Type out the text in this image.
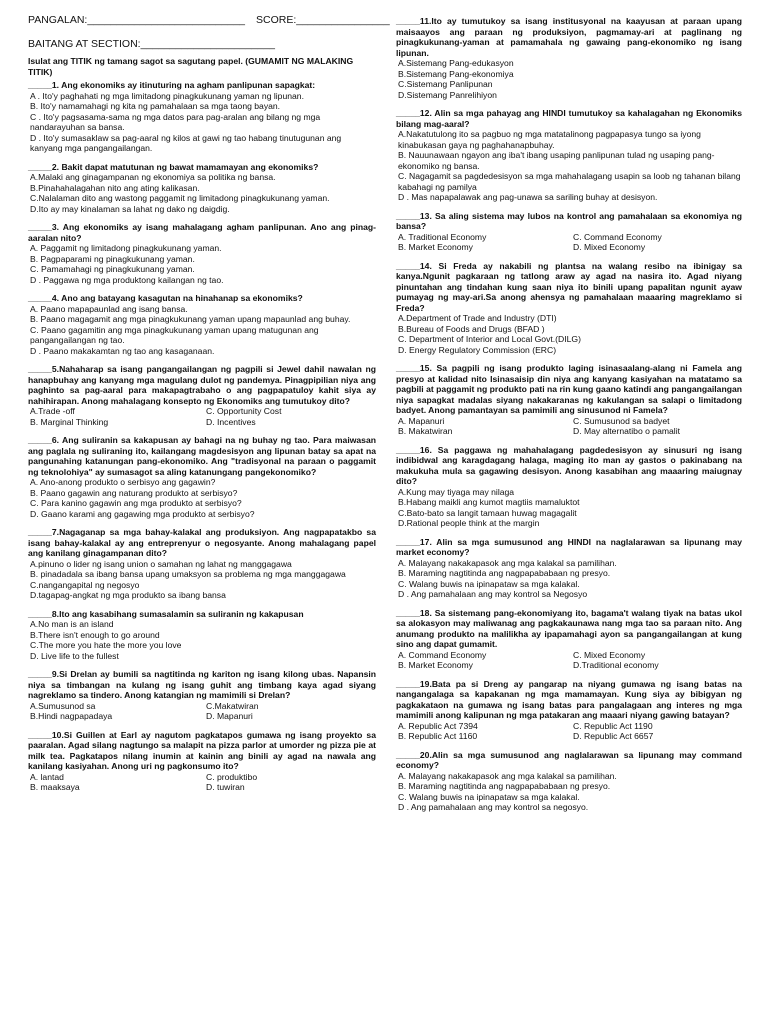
PANGALAN:___________________________ SCORE:________________
BAITANG AT SECTION:_______________________
Isulat ang TITIK ng tamang sagot sa sagutang papel. (GUMAMIT NG MALAKING TITIK)
_____1. Ang ekonomiks ay itinuturing na agham panlipunan sapagkat:
A . Ito'y paghahati ng mga limitadong pinagkukunang yaman ng lipunan.
B. Ito'y namamahagi ng kita ng pamahalaan sa mga taong bayan.
C . Ito'y pagsasama-sama ng mga datos para pag-aralan ang bilang ng mga nandarayuhan sa bansa.
D . Ito'y sumasaklaw sa pag-aaral ng kilos at gawi ng tao habang tinutugunan ang kanyang mga pangangailangan.
_____2. Bakit dapat matutunan ng bawat mamamayan ang ekonomiks?
A.Malaki ang ginagampanan ng ekonomiya sa politika ng bansa.
B.Pinahahalagahan nito ang ating kalikasan.
C.Nalalaman dito ang wastong paggamit ng limitadong pinagkukunang yaman.
D.Ito ay may kinalaman sa lahat ng dako ng daigdig.
_____3. Ang ekonomiks ay isang mahalagang agham panlipunan. Ano ang pinag-aaralan nito?
A. Paggamit ng limitadong pinagkukunang yaman.
B. Pagpaparami ng pinagkukunang yaman.
C. Pamamahagi ng pinagkukunang yaman.
D . Paggawa ng mga produktong kailangan ng tao.
_____4. Ano ang batayang kasagutan na hinahanap sa ekonomiks?
A. Paano mapapaunlad ang isang bansa.
B. Paano magagamit ang mga pinagkukunang yaman upang mapaunlad ang buhay.
C. Paano gagamitin ang mga pinagkukunang yaman upang matugunan ang pangangailangan ng tao.
D . Paano makakamtan ng tao ang kasaganaan.
_____5.Nahaharap sa isang pangangailangan ng pagpili si Jewel dahil nawalan ng hanapbuhay ang kanyang mga magulang dulot ng pandemya. Pinagpipilian niya ang paghinto sa pag-aaral para makapagtrabaho o ang pagpapatuloy kahit siya ay nahihirapan. Anong mahalagang konsepto ng Ekonomiks ang tumutukoy dito?
A.Trade -off	C. Opportunity Cost
B. Marginal Thinking	D. Incentives
_____6. Ang suliranin sa kakapusan ay bahagi na ng buhay ng tao. Para maiwasan ang paglala ng suliraning ito, kailangang magdesisyon ang lipunan batay sa apat na pangunahing katanungan pang-ekonomiko. Ang "tradisyonal na paraan o paggamit ng teknolohiya" ay sumasagot sa aling katanungang pangekonomiko?
A. Ano-anong produkto o serbisyo ang gagawin?
B. Paano gagawin ang naturang produkto at serbisyo?
C. Para kanino gagawin ang mga produkto at serbisyo?
D. Gaano karami ang gagawing mga produkto at serbisyo?
_____7.Nagaganap sa mga bahay-kalakal ang produksiyon. Ang nagpapatakbo sa isang bahay-kalakal ay ang entreprenyur o negosyante. Anong mahalagang papel ang kanilang ginagampanan dito?
A.pinuno o lider ng isang union o samahan ng lahat ng manggagawa
B. pinadadala sa ibang bansa upang umaksyon sa problema ng mga manggagawa
C.nangangapital ng negosyo
D.tagapag-angkat ng mga produkto sa ibang bansa
_____8.Ito ang kasabihang sumasalamin sa suliranin ng kakapusan
A.No man is an island
B.There isn't enough to go around
C.The more you hate the more you love
D. Live life to the fullest
_____9.Si Drelan ay bumili sa nagtitinda ng kariton ng isang kilong ubas. Napansin niya sa timbangan na kulang ng isang guhit ang timbang kaya agad siyang nagreklamo sa tindero. Anong katangian ng mamimili si Drelan?
A.Sumusunod sa	C.Makatwiran
B.Hindi nagpapadaya	D. Mapanuri
_____10.Si Guillen at Earl ay nagutom pagkatapos gumawa ng isang proyekto sa paaralan. Agad silang nagtungo sa malapit na pizza parlor at umorder ng pizza pie at milk tea. Pagkatapos nilang inumin at kainin ang binili ay agad na nawala ang kanilang kasiyahan. Anong uri ng pagkonsumo ito?
A. lantad	C. produktibo
B. maaksaya	D. tuwiran
_____11.Ito ay tumutukoy sa isang institusyonal na kaayusan at paraan upang maisaayos ang paraan ng produksiyon, pagmamay-ari at paglinang ng pinagkukunang-yaman at pamamahala ng gawaing pang-ekonomiko ng isang lipunan.
A.Sistemang Pang-edukasyon
B.Sistemang Pang-ekonomiya
C.Sistemang Panlipunan
D.Sistemang Panrelihiyon
_____12. Alin sa mga pahayag ang HINDI tumutukoy sa kahalagahan ng Ekonomiks bilang mag-aaral?
A.Nakatutulong ito sa pagbuo ng mga matatalinong pagpapasya tungo sa iyong kinabukasan gaya ng paghahanapbuhay.
B. Nauunawaan ngayon ang iba't ibang usaping panlipunan tulad ng usaping pang-ekonomiko ng bansa.
C. Nagagamit sa pagdedesisyon sa mga mahahalagang usapin sa loob ng tahanan bilang kabahagi ng pamilya
D . Mas napapalawak ang pag-unawa sa sariling buhay at desisyon.
_____13. Sa aling sistema may lubos na kontrol ang pamahalaan sa ekonomiya ng bansa?
A. Traditional Economy	C. Command Economy
B. Market Economy	D. Mixed Economy
_____14. Si Freda ay nakabili ng plantsa na walang resibo na ibinigay sa kanya.Ngunit pagkaraan ng tatlong araw ay agad na nasira ito. Agad niyang pinuntahan ang tindahan kung saan niya ito binili upang papalitan ngunit ayaw pumayag ng may-ari.Sa anong ahensya ng pamahalaan maaaring magreklamo si Freda?
A.Department of Trade and Industry (DTI)
B.Bureau of Foods and Drugs (BFAD )
C. Department of Interior and Local Govt.(DILG)
D. Energy Regulatory Commission (ERC)
_____15. Sa pagpili ng isang produkto laging isinasaalang-alang ni Famela ang presyo at kalidad nito Isinasaisip din niya ang kanyang kasiyahan na matatamo sa pagbili at paggamit ng produkto pati na rin kung gaano katindi ang pangangailangan niya sapagkat madalas siyang nakakaranas ng kakulangan sa salapi o limitadong badyet. Anong pamantayan sa pamimili ang sinusunod ni Famela?
A. Mapanuri	C. Sumusunod sa badyet
B. Makatwiran	D. May alternatibo o pamalit
_____16. Sa paggawa ng mahahalagang pagdedesisyon ay sinusuri ng isang indibidwal ang karagdagang halaga, maging ito man ay gastos o pakinabang na makukuha mula sa gagawing desisyon. Anong kasabihan ang maaaring maiugnay dito?
A.Kung may tiyaga may nilaga
B.Habang maikli ang kumot magtiis mamaluktot
C.Bato-bato sa langit tamaan huwag magagalit
D.Rational people think at the margin
_____17. Alin sa mga sumusunod ang HINDI na naglalarawan sa lipunang may market economy?
A. Malayang nakakapasok ang mga kalakal sa pamilihan.
B. Maraming nagtitinda ang nagpapababaan ng presyo.
C. Walang buwis na ipinapataw sa mga kalakal.
D . Ang pamahalaan ang may kontrol sa Negosyo
_____18. Sa sistemang pang-ekonomiyang ito, bagama't walang tiyak na batas ukol sa alokasyon may maliwanag ang pagkakaunawa nang mga tao sa paraan nito. Ang anumang produkto na malilikha ay ipapamahagi ayon sa pangangailangan at kung sino ang dapat gumamit.
A. Command Economy	C. Mixed Economy
B. Market Economy	D.Traditional economy
_____19.Bata pa si Dreng ay pangarap na niyang gumawa ng isang batas na nangangalaga sa kapakanan ng mga mamamayan. Kung siya ay bibigyan ng pagkakataon na gumawa ng isang batas para pangalagaan ang interes ng mga mamimili anong kalipunan ng mga patakaran ang maaari niyang gawing batayan?
A. Republic Act 7394	C. Republic Act 1190
B. Republic Act 1160	D. Republic Act 6657
_____20.Alin sa mga sumusunod ang naglalarawan sa lipunang may command economy?
A. Malayang nakakapasok ang mga kalakal sa pamilihan.
B. Maraming nagtitinda ang nagpapababaan ng presyo.
C. Walang buwis na ipinapataw sa mga kalakal.
D . Ang pamahalaan ang may kontrol sa negosyo.
